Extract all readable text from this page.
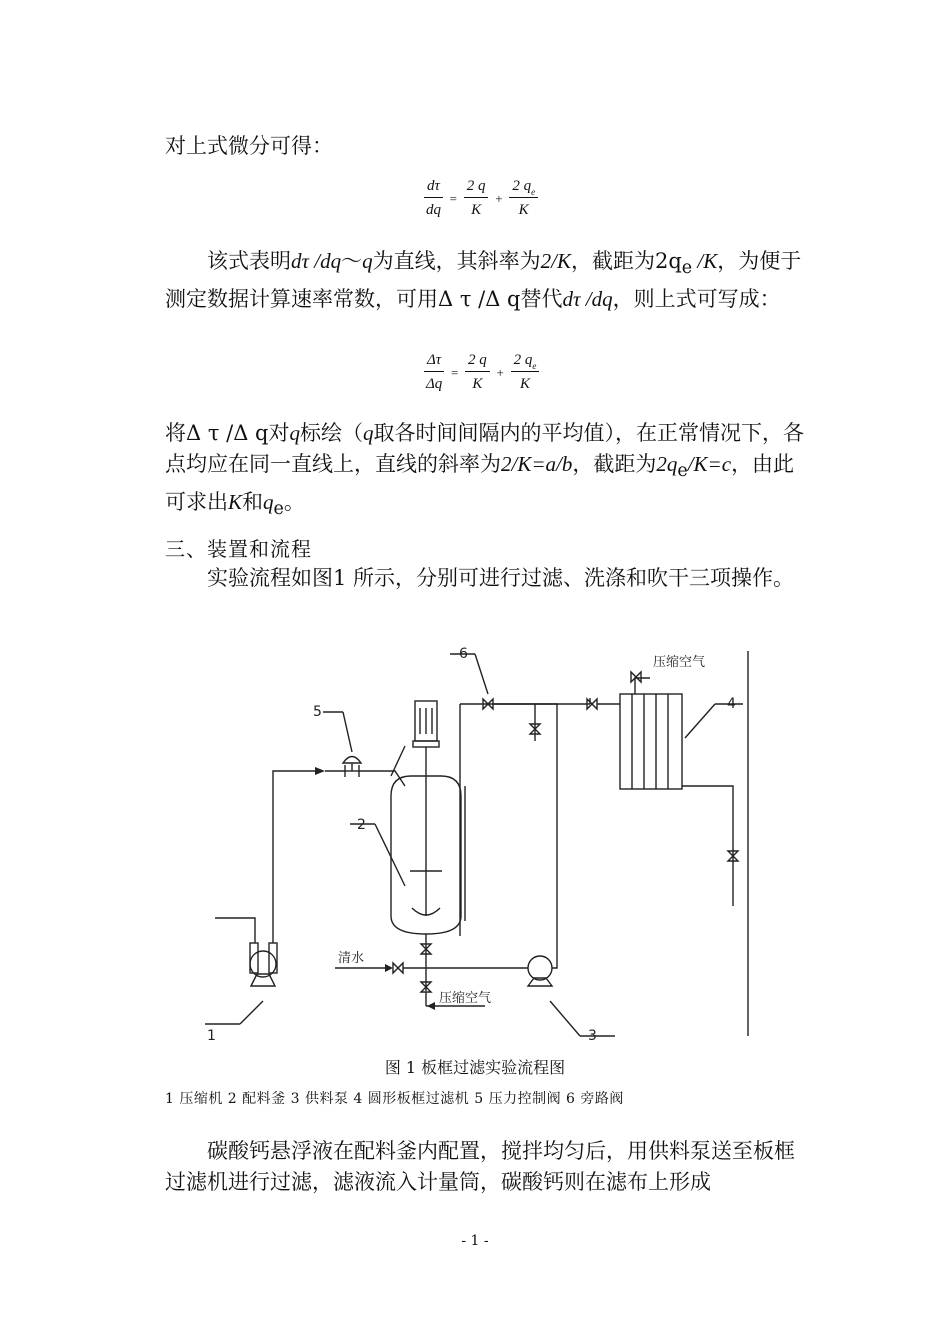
对上式微分可得：

$\frac{d\tau}{dq} = \frac{2 q}{K} + \frac{2 q_e}{K}$

该式表明dτ /dq～q为直线，其斜率为2/K，截距为$2q_e$ /K，为便于测定数据计算速率常数，可用Δ τ /Δ q替代dτ /dq，则上式可写成：

$\frac{\Delta\tau}{\Delta q} = \frac{2 q}{K} + \frac{2 q_e}{K}$

将Δ τ /Δ q对q标绘（q取各时间间隔内的平均值），在正常情况下，各点均应在同一直线上，直线的斜率为2/K=a/b，截距为$2q_e/K=c$，由此可求出K和$q_e$。

三、装置和流程

实验流程如图1 所示，分别可进行过滤、洗涤和吹干三项操作。

1
2
3
4
5
6
压缩空气
清水
压缩空气
图 1 板框过滤实验流程图
1 压缩机 2 配料釜 3 供料泵 4 圆形板框过滤机 5 压力控制阀 6 旁路阀

碳酸钙悬浮液在配料釜内配置，搅拌均匀后，用供料泵送至板框过滤机进行过滤，滤液流入计量筒，碳酸钙则在滤布上形成

- 1 -
